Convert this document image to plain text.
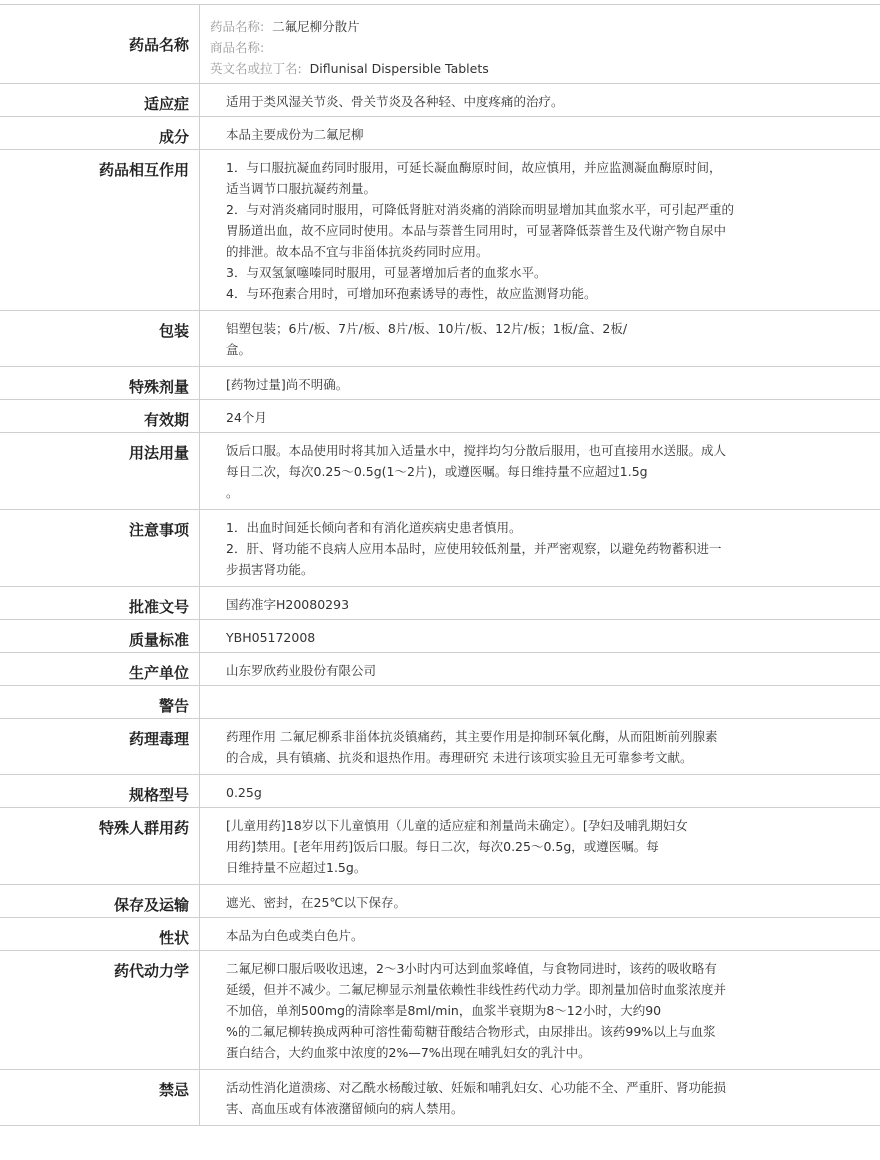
药品名称
药品名称: 二氟尼柳分散片
商品名称:
英文名或拉丁名: Diflunisal Dispersible Tablets
适应症	适用于类风湿关节炎、骨关节炎及各种轻、中度疼痛的治疗。
成分	本品主要成份为二氟尼柳
药品相互作用	1．与口服抗凝血药同时服用，可延长凝血酶原时间，故应慎用，并应监测凝血酶原时间，
适当调节口服抗凝药剂量。
2．与对消炎痛同时服用，可降低肾脏对消炎痛的消除而明显增加其血浆水平，可引起严重的
胃肠道出血，故不应同时使用。本品与萘普生同用时，可显著降低萘普生及代谢产物自尿中
的排泄。故本品不宜与非甾体抗炎药同时应用。
3．与双氢氯噻嗪同时服用，可显著增加后者的血浆水平。
4．与环孢素合用时，可增加环孢素诱导的毒性，故应监测肾功能。
包装	铝塑包装；6片/板、7片/板、8片/板、10片/板、12片/板；1板/盒、2板/
盒。
特殊剂量	[药物过量]尚不明确。
有效期	24个月
用法用量	饭后口服。本品使用时将其加入适量水中，搅拌均匀分散后服用，也可直接用水送服。成人
每日二次，每次0.25～0.5g(1～2片)，或遵医嘱。每日维持量不应超过1.5g
。
注意事项	1．出血时间延长倾向者和有消化道疾病史患者慎用。
2．肝、肾功能不良病人应用本品时，应使用较低剂量，并严密观察，以避免药物蓄积进一
步损害肾功能。
批准文号	国药准字H20080293
质量标准	YBH05172008
生产单位	山东罗欣药业股份有限公司
警告

药理毒理	药理作用 二氟尼柳系非甾体抗炎镇痛药，其主要作用是抑制环氧化酶，从而阻断前列腺素
的合成，具有镇痛、抗炎和退热作用。毒理研究 未进行该项实验且无可靠参考文献。
规格型号	0.25g
特殊人群用药	[儿童用药]18岁以下儿童慎用（儿童的适应症和剂量尚未确定）。[孕妇及哺乳期妇女
用药]禁用。[老年用药]饭后口服。每日二次，每次0.25～0.5g，或遵医嘱。每
日维持量不应超过1.5g。
保存及运输	遮光、密封，在25℃以下保存。
性状	本品为白色或类白色片。
药代动力学	二氟尼柳口服后吸收迅速，2～3小时内可达到血浆峰值，与食物同进时，该药的吸收略有
延缓，但并不减少。二氟尼柳显示剂量依赖性非线性药代动力学。即剂量加倍时血浆浓度并
不加倍，单剂500mg的清除率是8ml/min，血浆半衰期为8～12小时，大约90
%的二氟尼柳转换成两种可溶性葡萄糖苷酸结合物形式，由尿排出。该药99%以上与血浆
蛋白结合，大约血浆中浓度的2%—7%出现在哺乳妇女的乳汁中。
禁忌	活动性消化道溃疡、对乙酰水杨酸过敏、妊娠和哺乳妇女、心功能不全、严重肝、肾功能损
害、高血压或有体液潴留倾向的病人禁用。
